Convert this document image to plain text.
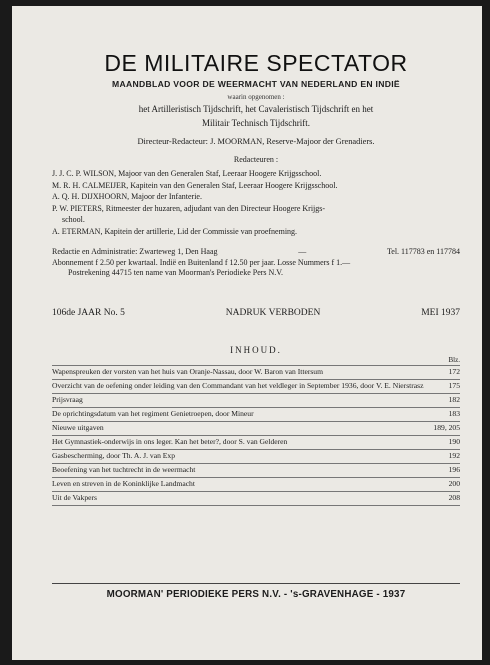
DE MILITAIRE SPECTATOR
MAANDBLAD VOOR DE WEERMACHT VAN NEDERLAND EN INDIË
waarin opgenomen :
het Artilleristisch Tijdschrift, het Cavaleristisch Tijdschrift en het
Militair Technisch Tijdschrift.
Directeur-Redacteur: J. MOORMAN, Reserve-Majoor der Grenadiers.
Redacteuren :
J. J. C. P. WILSON, Majoor van den Generalen Staf, Leeraar Hoogere Krijgsschool.
M. R. H. CALMEIJER, Kapitein van den Generalen Staf, Leeraar Hoogere Krijgsschool.
A. Q. H. DIJXHOORN, Majoor der Infanterie.
P. W. PIETERS, Ritmeester der huzaren, adjudant van den Directeur Hoogere Krijgs-
school.
A. ETERMAN, Kapitein der artillerie, Lid der Commissie van proefneming.
Redactie en Administratie: Zwarteweg 1, Den Haag	—	Tel. 117783 en 117784
Abonnement f 2.50 per kwartaal. Indië en Buitenland f 12.50 per jaar. Losse Nummers f 1.—
Postrekening 44715 ten name van Moorman's Periodieke Pers N.V.
106de JAAR No. 5	NADRUK VERBODEN	MEI 1937
INHOUD.
Blz.
Wapenspreuken der vorsten van het huis van Oranje-Nassau, door W. Baron van Ittersum	172
Overzicht van de oefening onder leiding van den Commandant van het veldleger in September 1936, door V. E. Nierstrasz	175
Prijsvraag	182
De oprichtingsdatum van het regiment Genietroepen, door Mineur	183
Nieuwe uitgaven	189, 205
Het Gymnastiek-onderwijs in ons leger. Kan het beter?, door S. van Gelderen	190
Gasbescherming, door Th. A. J. van Exp	192
Beoefening van het tuchtrecht in de weermacht	196
Leven en streven in de Koninklijke Landmacht	200
Uit de Vakpers	208
MOORMAN' PERIODIEKE PERS N.V. - 's-GRAVENHAGE - 1937
